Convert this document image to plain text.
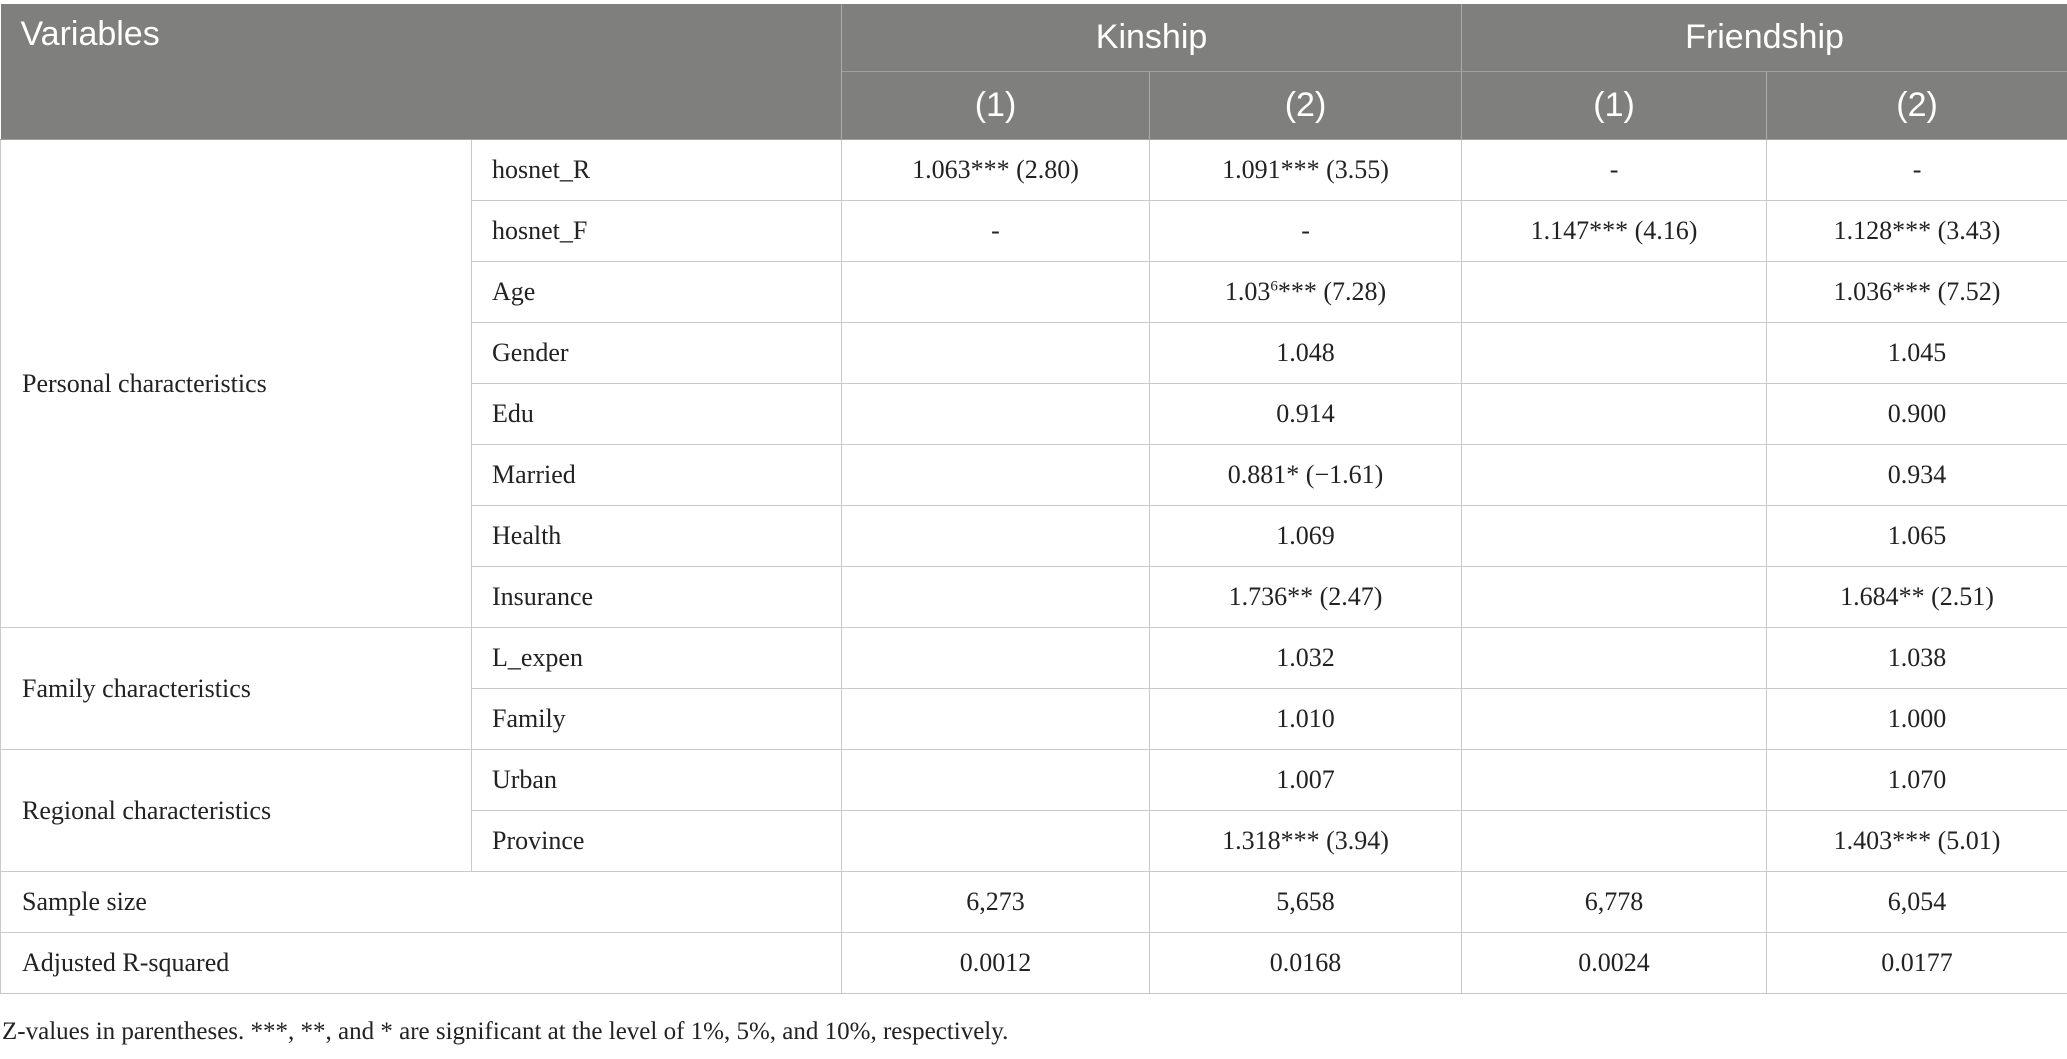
Variables		Kinship		Friendship	
		(1)	(2)	(1)	(2)
Personal characteristics	hosnet_R	1.063*** (2.80)	1.091*** (3.55)	-	-
	hosnet_F	-	-	1.147*** (4.16)	1.128*** (3.43)
	Age		1.03$^6$*** (7.28)		1.036*** (7.52)
	Gender		1.048		1.045
	Edu		0.914		0.900
	Married		0.881* (−1.61)		0.934
	Health		1.069		1.065
	Insurance		1.736** (2.47)		1.684** (2.51)
Family characteristics	L_expen		1.032		1.038
	Family		1.010		1.000
Regional characteristics	Urban		1.007		1.070
	Province		1.318*** (3.94)		1.403*** (5.01)
Sample size		6,273	5,658	6,778	6,054
Adjusted R-squared		0.0012	0.0168	0.0024	0.0177
Z-values in parentheses. ***, **, and * are significant at the level of 1%, 5%, and 10%, respectively.
